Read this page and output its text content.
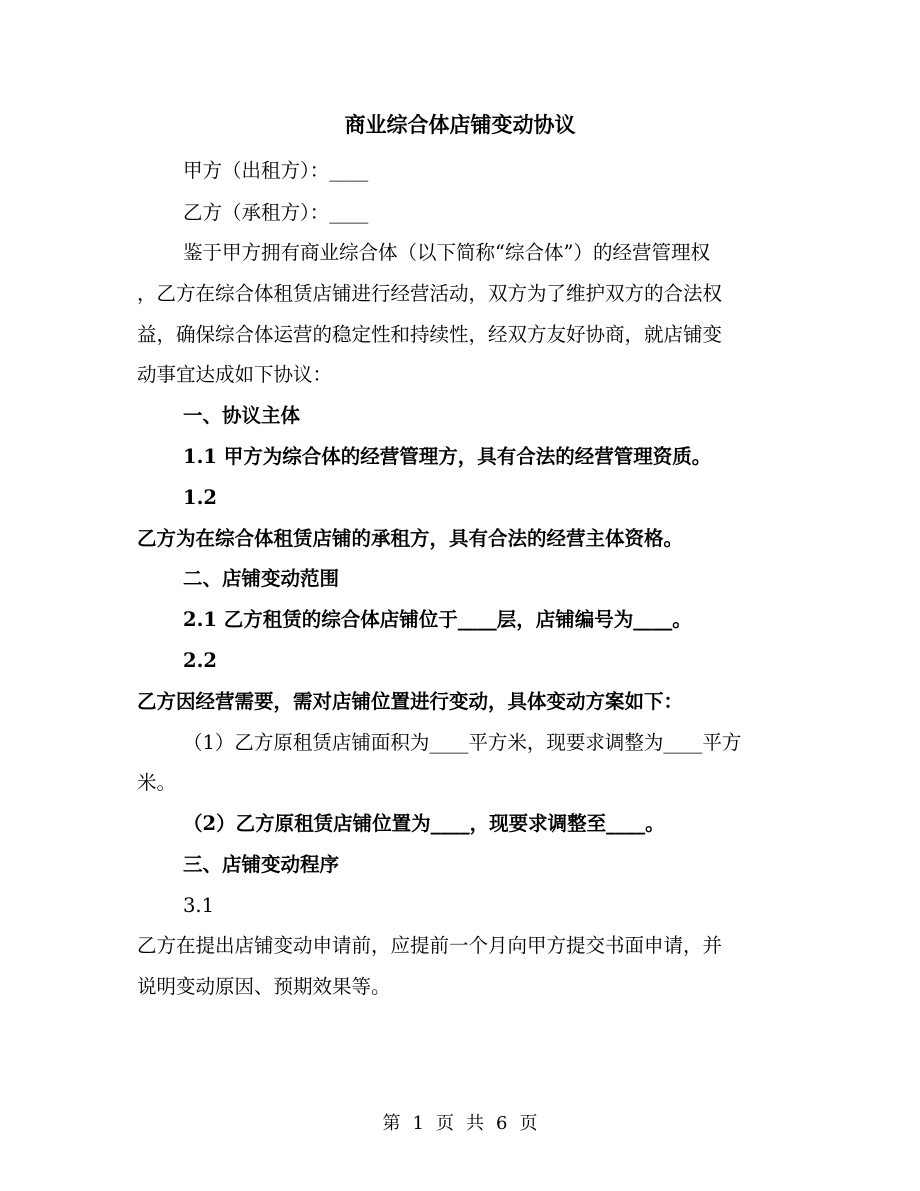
商业综合体店铺变动协议
甲方（出租方）：____
乙方（承租方）：____
鉴于甲方拥有商业综合体（以下简称“综合体”）的经营管理权
，乙方在综合体租赁店铺进行经营活动，双方为了维护双方的合法权
益，确保综合体运营的稳定性和持续性，经双方友好协商，就店铺变
动事宜达成如下协议：
一、协议主体
1.1 甲方为综合体的经营管理方，具有合法的经营管理资质。
1.2
乙方为在综合体租赁店铺的承租方，具有合法的经营主体资格。
二、店铺变动范围
2.1 乙方租赁的综合体店铺位于____层，店铺编号为____。
2.2
乙方因经营需要，需对店铺位置进行变动，具体变动方案如下：
（1）乙方原租赁店铺面积为____平方米，现要求调整为____平方
米。
（2）乙方原租赁店铺位置为____，现要求调整至____。
三、店铺变动程序
3.1
乙方在提出店铺变动申请前，应提前一个月向甲方提交书面申请，并
说明变动原因、预期效果等。
第 1 页 共 6 页
